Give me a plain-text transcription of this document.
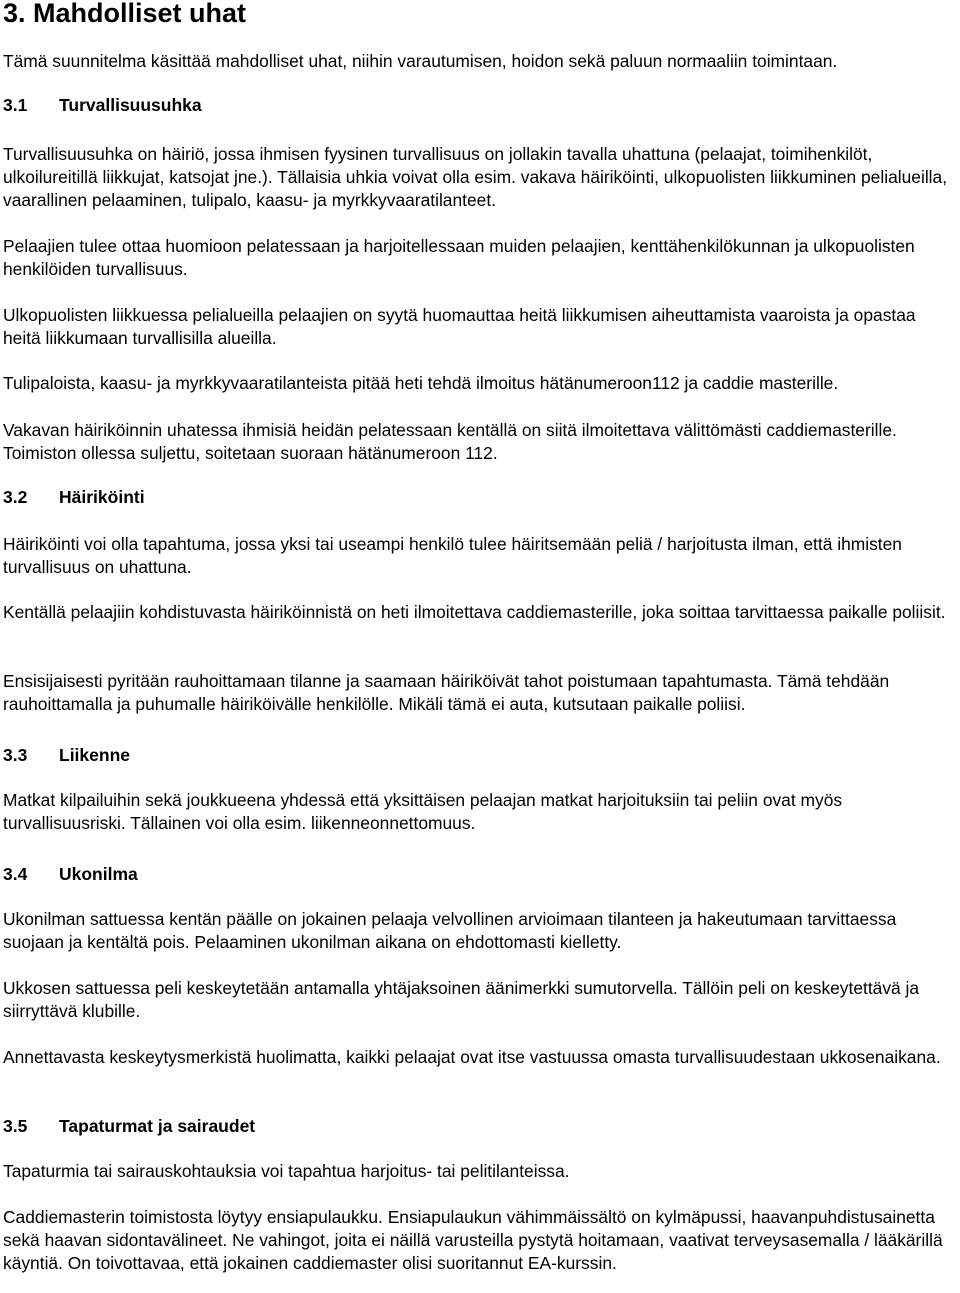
3. Mahdolliset uhat

Tämä suunnitelma käsittää mahdolliset uhat, niihin varautumisen, hoidon sekä paluun normaaliin toimintaan.

3.1 Turvallisuusuhka

Turvallisuusuhka on häiriö, jossa ihmisen fyysinen turvallisuus on jollakin tavalla uhattuna (pelaajat, toimihenkilöt, ulkoilureitillä liikkujat, katsojat jne.). Tällaisia uhkia voivat olla esim. vakava häiriköinti, ulkopuolisten liikkuminen pelialueilla, vaarallinen pelaaminen, tulipalo, kaasu- ja myrkkyvaaratilanteet.

Pelaajien tulee ottaa huomioon pelatessaan ja harjoitellessaan muiden pelaajien, kenttähenkilökunnan ja ulkopuolisten henkilöiden turvallisuus.

Ulkopuolisten liikkuessa pelialueilla pelaajien on syytä huomauttaa heitä liikkumisen aiheuttamista vaaroista ja opastaa heitä liikkumaan turvallisilla alueilla.

Tulipaloista, kaasu- ja myrkkyvaaratilanteista pitää heti tehdä ilmoitus hätänumeroon112 ja caddie masterille.

Vakavan häiriköinnin uhatessa ihmisiä heidän pelatessaan kentällä on siitä ilmoitettava välittömästi caddiemasterille. Toimiston ollessa suljettu, soitetaan suoraan hätänumeroon 112.

3.2 Häiriköinti

Häiriköinti voi olla tapahtuma, jossa yksi tai useampi henkilö tulee häiritsemään peliä / harjoitusta ilman, että ihmisten turvallisuus on uhattuna.

Kentällä pelaajiin kohdistuvasta häiriköinnistä on heti ilmoitettava caddiemasterille, joka soittaa tarvittaessa paikalle poliisit.

Ensisijaisesti pyritään rauhoittamaan tilanne ja saamaan häiriköivät tahot poistumaan tapahtumasta. Tämä tehdään rauhoittamalla ja puhumalle häiriköivälle henkilölle. Mikäli tämä ei auta, kutsutaan paikalle poliisi.

3.3 Liikenne

Matkat kilpailuihin sekä joukkueena yhdessä että yksittäisen pelaajan matkat harjoituksiin tai peliin ovat myös turvallisuusriski. Tällainen voi olla esim. liikenneonnettomuus.

3.4 Ukonilma

Ukonilman sattuessa kentän päälle on jokainen pelaaja velvollinen arvioimaan tilanteen ja hakeutumaan tarvittaessa suojaan ja kentältä pois. Pelaaminen ukonilman aikana on ehdottomasti kielletty.

Ukkosen sattuessa peli keskeytetään antamalla yhtäjaksoinen äänimerkki sumutorvella. Tällöin peli on keskeytettävä ja siirryttävä klubille.

Annettavasta keskeytysmerkistä huolimatta, kaikki pelaajat ovat itse vastuussa omasta turvallisuudestaan ukkosenaikana.

3.5 Tapaturmat ja sairaudet

Tapaturmia tai sairauskohtauksia voi tapahtua harjoitus- tai pelitilanteissa.

Caddiemasterin toimistosta löytyy ensiapulaukku. Ensiapulaukun vähimmäissältö on kylmäpussi, haavanpuhdistusainetta sekä haavan sidontavälineet. Ne vahingot, joita ei näillä varusteilla pystytä hoitamaan, vaativat terveysasemalla / lääkärillä käyntiä. On toivottavaa, että jokainen caddiemaster olisi suoritannut EA-kurssin.
